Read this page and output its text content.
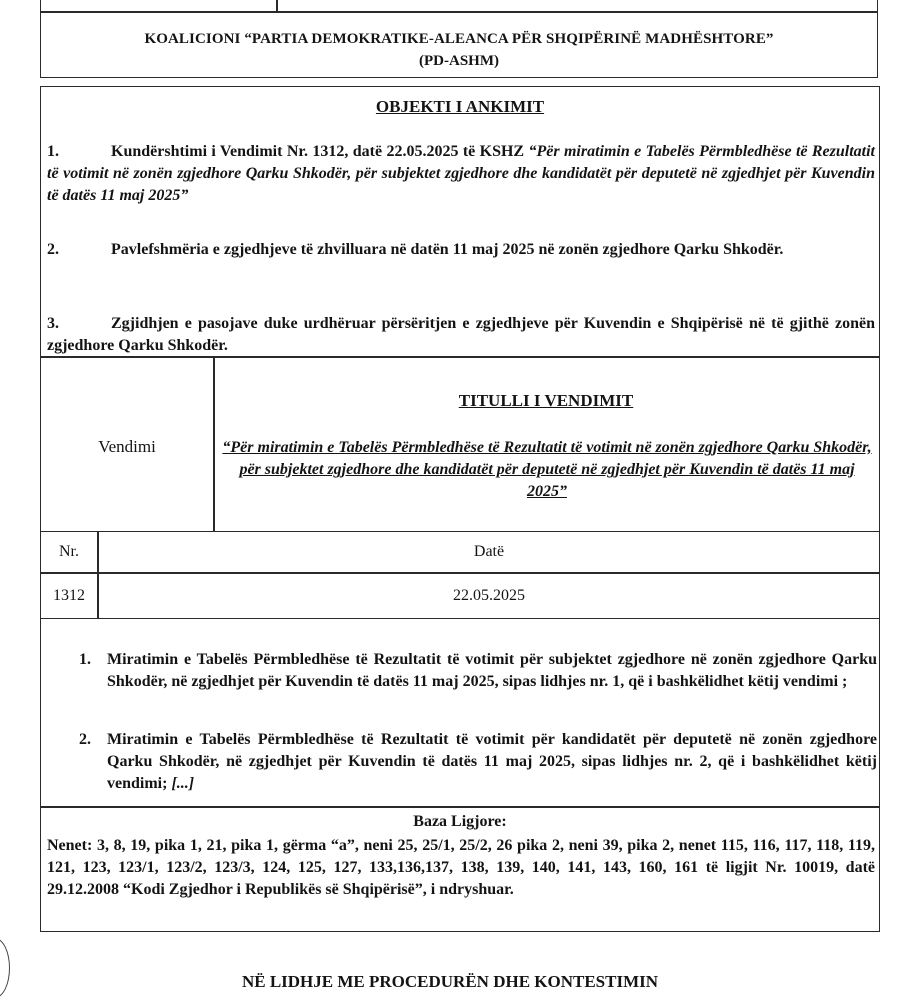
KOALICIONI “PARTIA DEMOKRATIKE-ALEANCA PËR SHQIPËRINË MADHËSHTORE”
(PD-ASHM)
OBJEKTI I ANKIMIT
1.	Kundërshtimi i Vendimit Nr. 1312, datë 22.05.2025 të KSHZ “Për miratimin e Tabelës Përmbledhëse të Rezultatit të votimit në zonën zgjedhore Qarku Shkodër, për subjektet zgjedhore dhe kandidatët për deputetë në zgjedhjet për Kuvendin të datës 11 maj 2025”
2.	Pavlefshmëria e zgjedhjeve të zhvilluara në datën 11 maj 2025 në zonën zgjedhore Qarku Shkodër.
3.	Zgjidhjen e pasojave duke urdhëruar përsëritjen e zgjedhjeve për Kuvendin e Shqipërisë në të gjithë zonën zgjedhore Qarku Shkodër.
Vendimi
TITULLI I VENDIMIT
“Për miratimin e Tabelës Përmbledhëse të Rezultatit të votimit në zonën zgjedhore Qarku Shkodër, për subjektet zgjedhore dhe kandidatët për deputetë në zgjedhjet për Kuvendin të datës 11 maj 2025”
Nr.	Datë
1312	22.05.2025
1. Miratimin e Tabelës Përmbledhëse të Rezultatit të votimit për subjektet zgjedhore në zonën zgjedhore Qarku Shkodër, në zgjedhjet për Kuvendin të datës 11 maj 2025, sipas lidhjes nr. 1, që i bashkëlidhet këtij vendimi ;
2. Miratimin e Tabelës Përmbledhëse të Rezultatit të votimit për kandidatët për deputetë në zonën zgjedhore Qarku Shkodër, në zgjedhjet për Kuvendin të datës 11 maj 2025, sipas lidhjes nr. 2, që i bashkëlidhet këtij vendimi; [...]
Baza Ligjore:
Nenet: 3, 8, 19, pika 1, 21, pika 1, gërma “a”, neni 25, 25/1, 25/2, 26 pika 2, neni 39, pika 2, nenet 115, 116, 117, 118, 119, 121, 123, 123/1, 123/2, 123/3, 124, 125, 127, 133,136,137, 138, 139, 140, 141, 143, 160, 161 të ligjit Nr. 10019, datë 29.12.2008 “Kodi Zgjedhor i Republikës së Shqipërisë”, i ndryshuar.
NË LIDHJE ME PROCEDURËN DHE KONTESTIMIN
